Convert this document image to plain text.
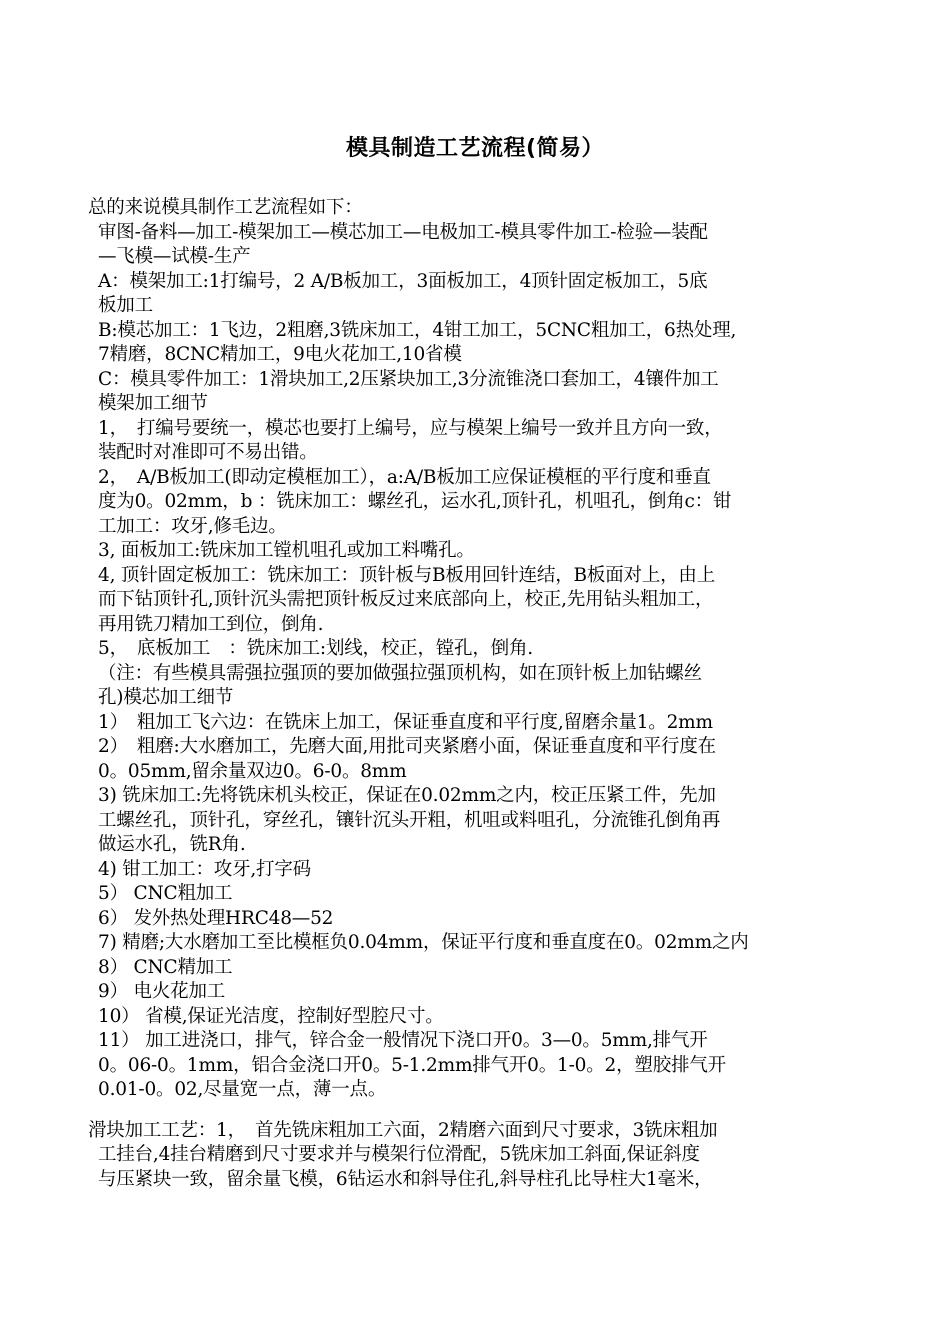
模具制造工艺流程(简易）
总的来说模具制作工艺流程如下：
审图-备料—加工-模架加工—模芯加工—电极加工-模具零件加工-检验—装配
—飞模—试模-生产
A：模架加工:1打编号，2 A/B板加工，3面板加工，4顶针固定板加工，5底
板加工
B:模芯加工：1飞边，2粗磨,3铣床加工，4钳工加工，5CNC粗加工，6热处理,
7精磨，8CNC精加工，9电火花加工,10省模
C：模具零件加工：1滑块加工,2压紧块加工,3分流锥浇口套加工，4镶件加工
模架加工细节
1，　打编号要统一，模芯也要打上编号，应与模架上编号一致并且方向一致，
装配时对准即可不易出错。
2，　A/B板加工(即动定模框加工），a:A/B板加工应保证模框的平行度和垂直
度为0。02mm，b ：铣床加工：螺丝孔，运水孔,顶针孔，机咀孔，倒角c：钳
工加工：攻牙,修毛边。
3, 面板加工:铣床加工镗机咀孔或加工料嘴孔。
4, 顶针固定板加工：铣床加工：顶针板与B板用回针连结，B板面对上，由上
而下钻顶针孔,顶针沉头需把顶针板反过来底部向上，校正,先用钻头粗加工，
再用铣刀精加工到位，倒角.
5，　底板加工　：铣床加工:划线，校正，镗孔，倒角.
（注：有些模具需强拉强顶的要加做强拉强顶机构，如在顶针板上加钻螺丝
孔)模芯加工细节
1）　粗加工飞六边：在铣床上加工，保证垂直度和平行度,留磨余量1。2mm
2）　粗磨:大水磨加工，先磨大面,用批司夹紧磨小面，保证垂直度和平行度在
0。05mm,留余量双边0。6-0。8mm
3) 铣床加工:先将铣床机头校正，保证在0.02mm之内，校正压紧工件，先加
工螺丝孔，顶针孔，穿丝孔，镶针沉头开粗，机咀或料咀孔，分流锥孔倒角再
做运水孔，铣R角.
4) 钳工加工：攻牙,打字码
5） CNC粗加工
6） 发外热处理HRC48—52
7) 精磨;大水磨加工至比模框负0.04mm，保证平行度和垂直度在0。02mm之内
8） CNC精加工
9） 电火花加工
10） 省模,保证光洁度，控制好型腔尺寸。
11） 加工进浇口，排气，锌合金一般情况下浇口开0。3—0。5mm,排气开
0。06-0。1mm，铝合金浇口开0。5-1.2mm排气开0。1-0。2，塑胶排气开
0.01-0。02,尽量宽一点，薄一点。
滑块加工工艺：1，　首先铣床粗加工六面，2精磨六面到尺寸要求，3铣床粗加
工挂台,4挂台精磨到尺寸要求并与模架行位滑配，5铣床加工斜面,保证斜度
与压紧块一致，留余量飞模，6钻运水和斜导住孔,斜导柱孔比导柱大1毫米，
